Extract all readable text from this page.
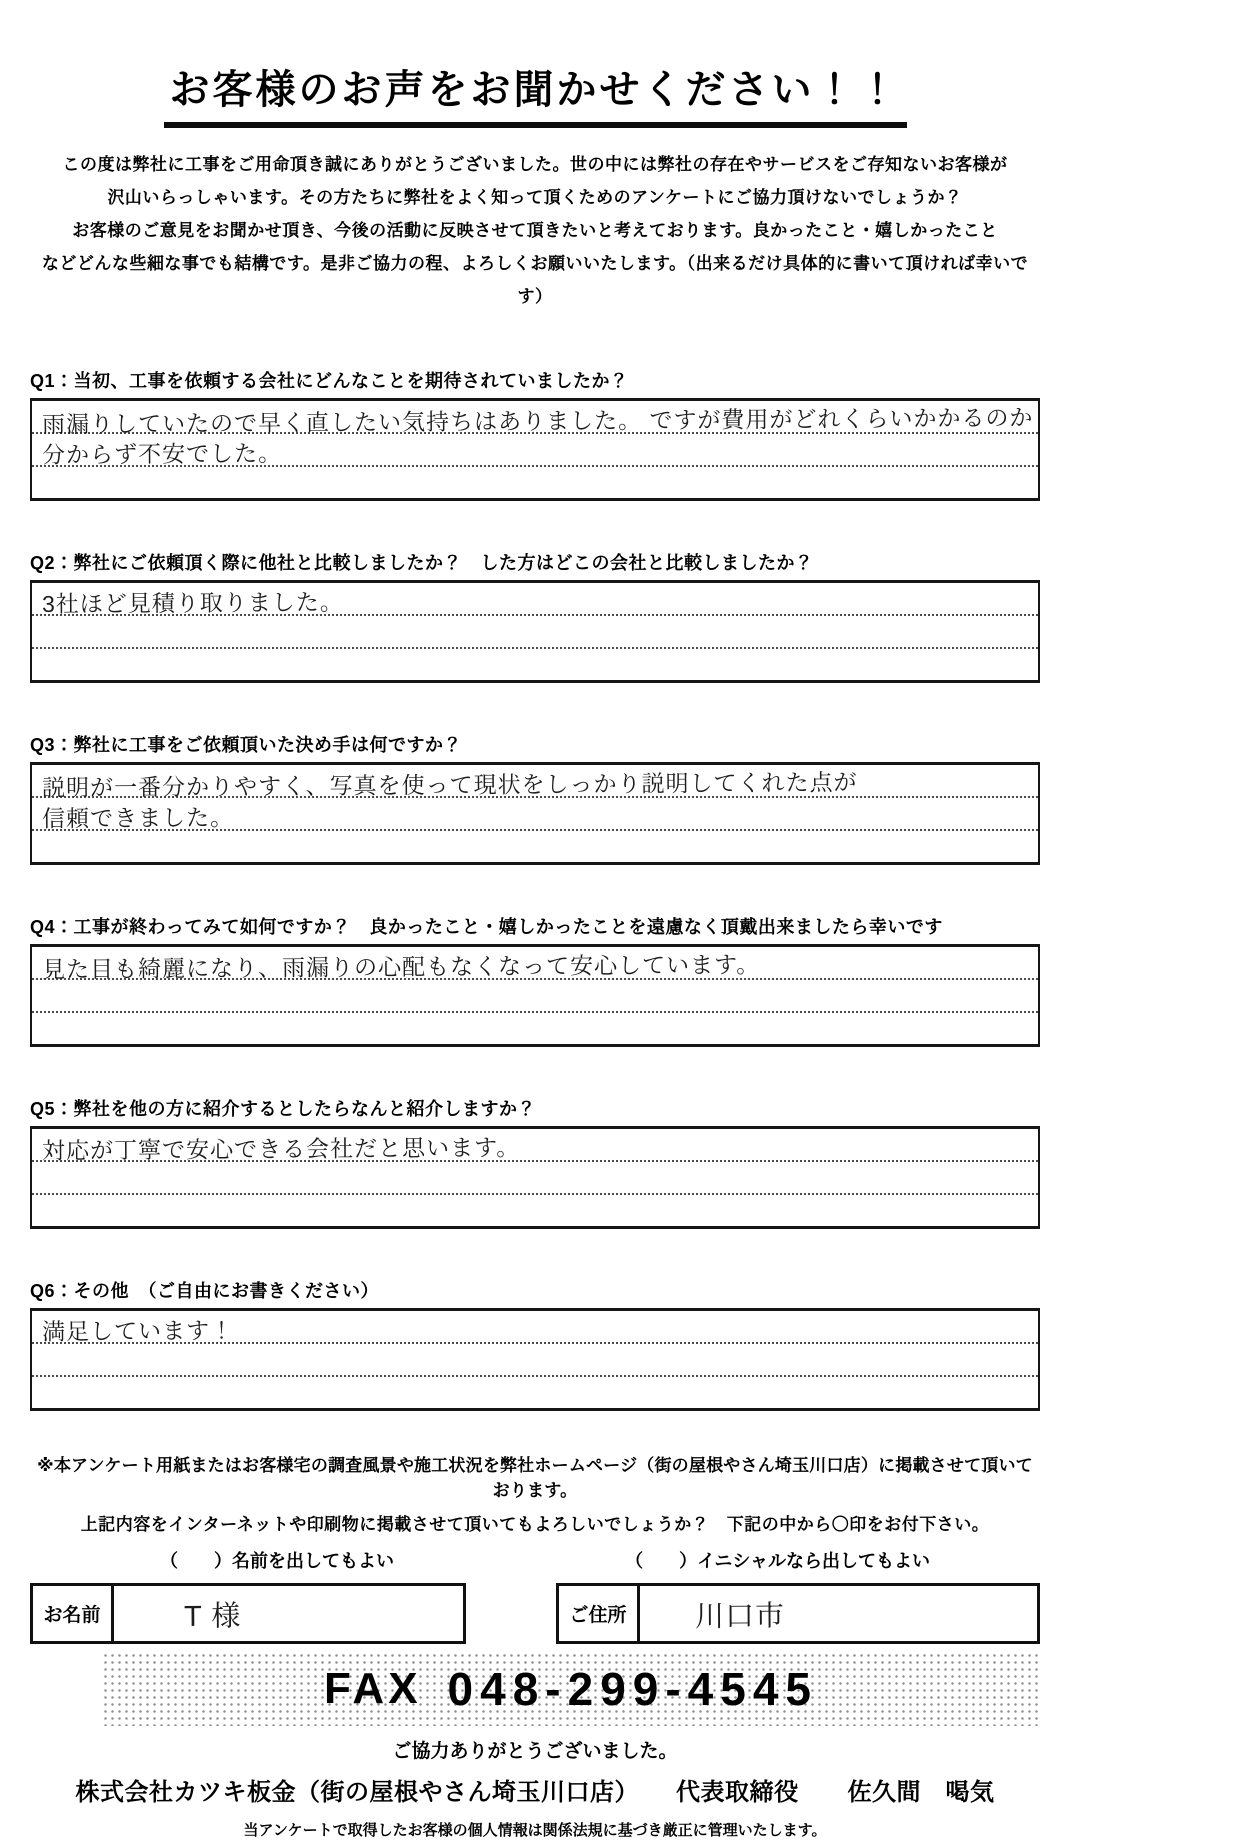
お客様のお声をお聞かせください！！
この度は弊社に工事をご用命頂き誠にありがとうございました。世の中には弊社の存在やサービスをご存知ないお客様が
沢山いらっしゃいます。その方たちに弊社をよく知って頂くためのアンケートにご協力頂けないでしょうか？
お客様のご意見をお聞かせ頂き、今後の活動に反映させて頂きたいと考えております。良かったこと・嬉しかったこと
などどんな些細な事でも結構です。是非ご協力の程、よろしくお願いいたします。（出来るだけ具体的に書いて頂ければ幸いです）
Q1：当初、工事を依頼する会社にどんなことを期待されていましたか？
雨漏りしていたので早く直したい気持ちはありました。 ですが費用がどれくらいかかるのか
分からず不安でした。
Q2：弊社にご依頼頂く際に他社と比較しましたか？　した方はどこの会社と比較しましたか？
3社ほど見積り取りました。
Q3：弊社に工事をご依頼頂いた決め手は何ですか？
説明が一番分かりやすく、写真を使って現状をしっかり説明してくれた点が
信頼できました。
Q4：工事が終わってみて如何ですか？　良かったこと・嬉しかったことを遠慮なく頂戴出来ましたら幸いです
見た目も綺麗になり、雨漏りの心配もなくなって安心しています。
Q5：弊社を他の方に紹介するとしたらなんと紹介しますか？
対応が丁寧で安心できる会社だと思います。
Q6：その他　（ご自由にお書きください）
満足しています！
※本アンケート用紙またはお客様宅の調査風景や施工状況を弊社ホームページ（街の屋根やさん埼玉川口店）に掲載させて頂いております。
上記内容をインターネットや印刷物に掲載させて頂いてもよろしいでしょうか？　下記の中から〇印をお付下さい。
（　　）名前を出してもよい	（　　）イニシャルなら出してもよい
お名前	T 様	ご住所	川口市
FAX 048-299-4545
ご協力ありがとうございました。
株式会社カツキ板金（街の屋根やさん埼玉川口店）　　代表取締役　　佐久間　喝気
当アンケートで取得したお客様の個人情報は関係法規に基づき厳正に管理いたします。
